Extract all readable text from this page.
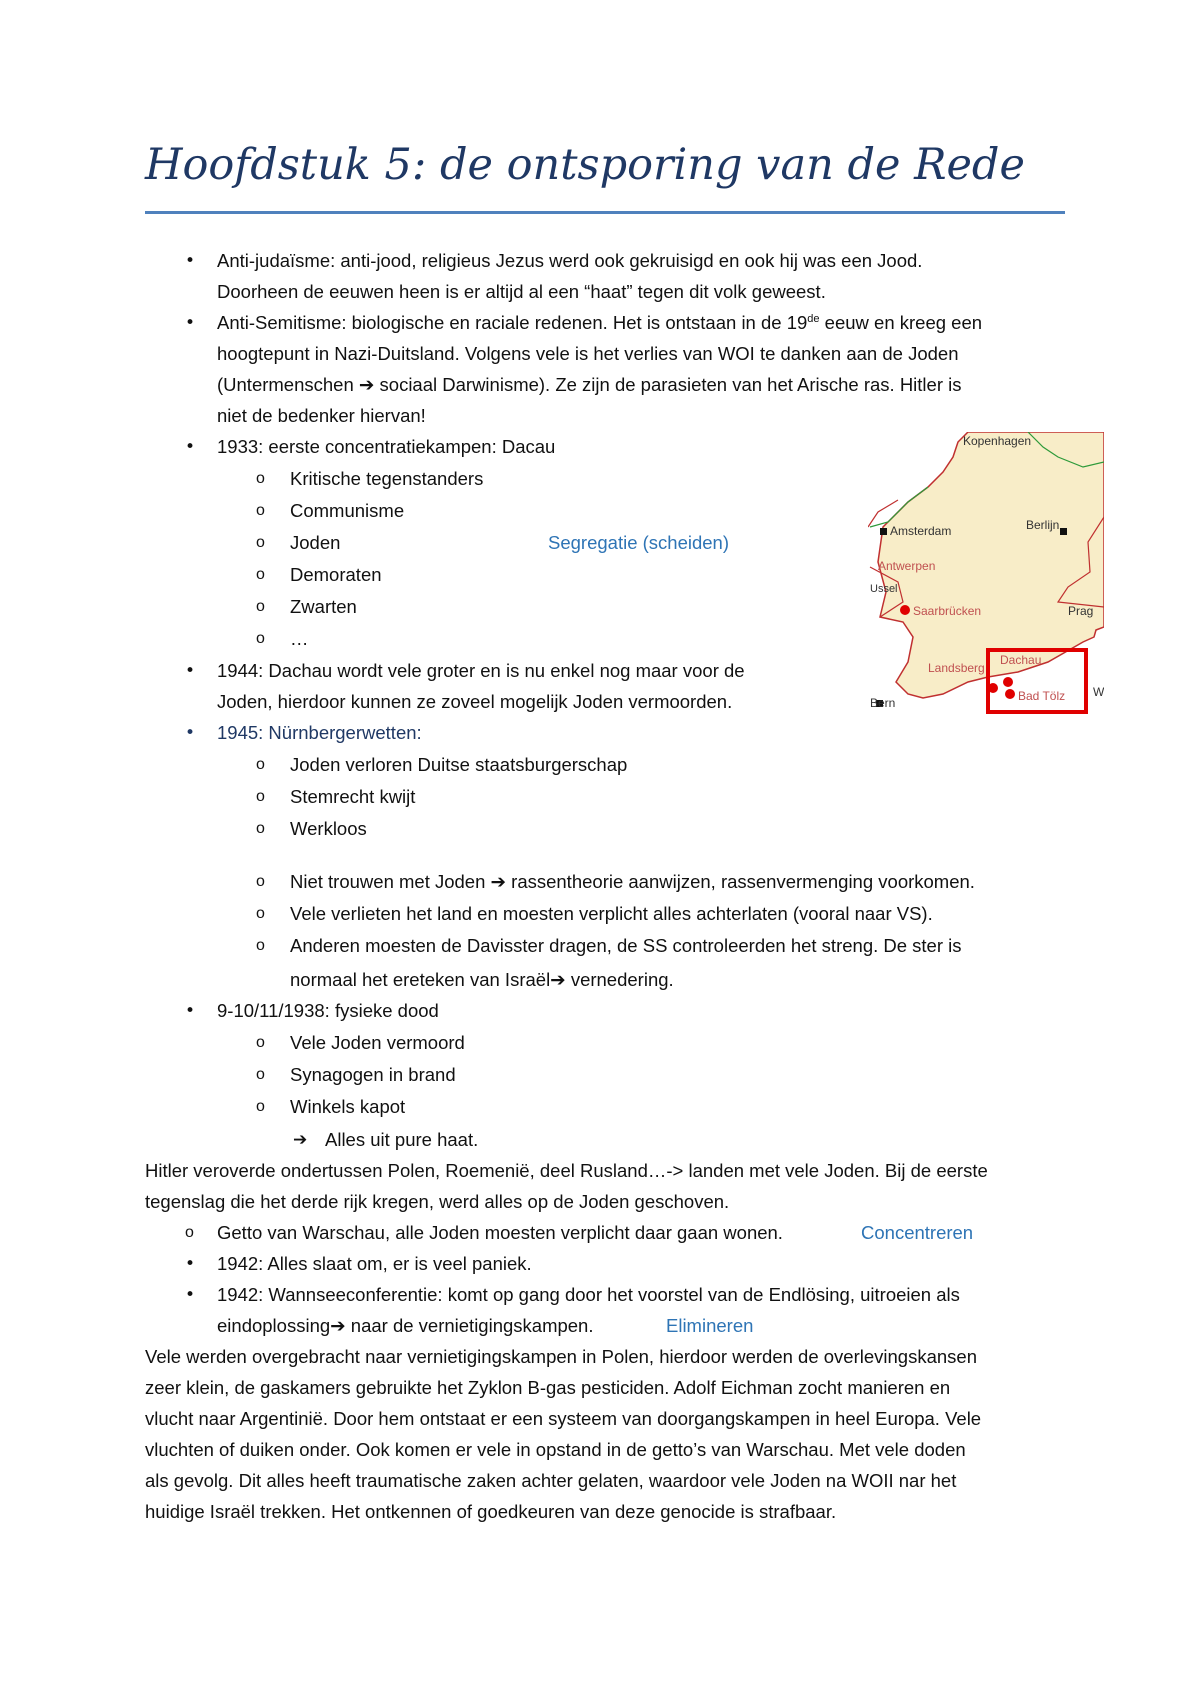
Hoofdstuk 5: de ontsporing van de Rede
• Anti-judaïsme: anti-jood, religieus Jezus werd ook gekruisigd en ook hij was een Jood.
Doorheen de eeuwen heen is er altijd al een “haat” tegen dit volk geweest.
• Anti-Semitisme: biologische en raciale redenen. Het is ontstaan in de 19de eeuw en kreeg een
hoogtepunt in Nazi-Duitsland. Volgens vele is het verlies van WOI te danken aan de Joden
(Untermenschen ➔ sociaal Darwinisme). Ze zijn de parasieten van het Arische ras. Hitler is
niet de bedenker hiervan!
• 1933: eerste concentratiekampen: Dacau
o Kritische tegenstanders
o Communisme
o Joden	Segregatie (scheiden)
o Demoraten
o Zwarten
o …
• 1944: Dachau wordt vele groter en is nu enkel nog maar voor de
Joden, hierdoor kunnen ze zoveel mogelijk Joden vermoorden.
• 1945: Nürnbergerwetten:
o Joden verloren Duitse staatsburgerschap
o Stemrecht kwijt
o Werkloos
o Niet trouwen met Joden ➔ rassentheorie aanwijzen, rassenvermenging voorkomen.
o Vele verlieten het land en moesten verplicht alles achterlaten (vooral naar VS).
o Anderen moesten de Davisster dragen, de SS controleerden het streng. De ster is
normaal het ereteken van Israël➔ vernedering.
• 9-10/11/1938: fysieke dood
o Vele Joden vermoord
o Synagogen in brand
o Winkels kapot
➔ Alles uit pure haat.
Hitler veroverde ondertussen Polen, Roemenië, deel Rusland…-> landen met vele Joden. Bij de eerste
tegenslag die het derde rijk kregen, werd alles op de Joden geschoven.
o Getto van Warschau, alle Joden moesten verplicht daar gaan wonen.	Concentreren
• 1942: Alles slaat om, er is veel paniek.
• 1942: Wannseeconferentie: komt op gang door het voorstel van de Endlösing, uitroeien als
eindoplossing➔ naar de vernietigingskampen.	Elimineren
Vele werden overgebracht naar vernietigingskampen in Polen, hierdoor werden de overlevingskansen
zeer klein, de gaskamers gebruikte het Zyklon B-gas pesticiden. Adolf Eichman zocht manieren en
vlucht naar Argentinië. Door hem ontstaat er een systeem van doorgangskampen in heel Europa. Vele
vluchten of duiken onder. Ook komen er vele in opstand in de getto’s van Warschau. Met vele doden
als gevolg. Dit alles heeft traumatische zaken achter gelaten, waardoor vele Joden na WOII nar het
huidige Israël trekken. Het ontkennen of goedkeuren van deze genocide is strafbaar.
Kopenhagen
Amsterdam	Berlijn
Antwerpen
Ussel
Saarbrücken	Prag
Landsberg
Dachau
Bad Tölz
Bern
W
